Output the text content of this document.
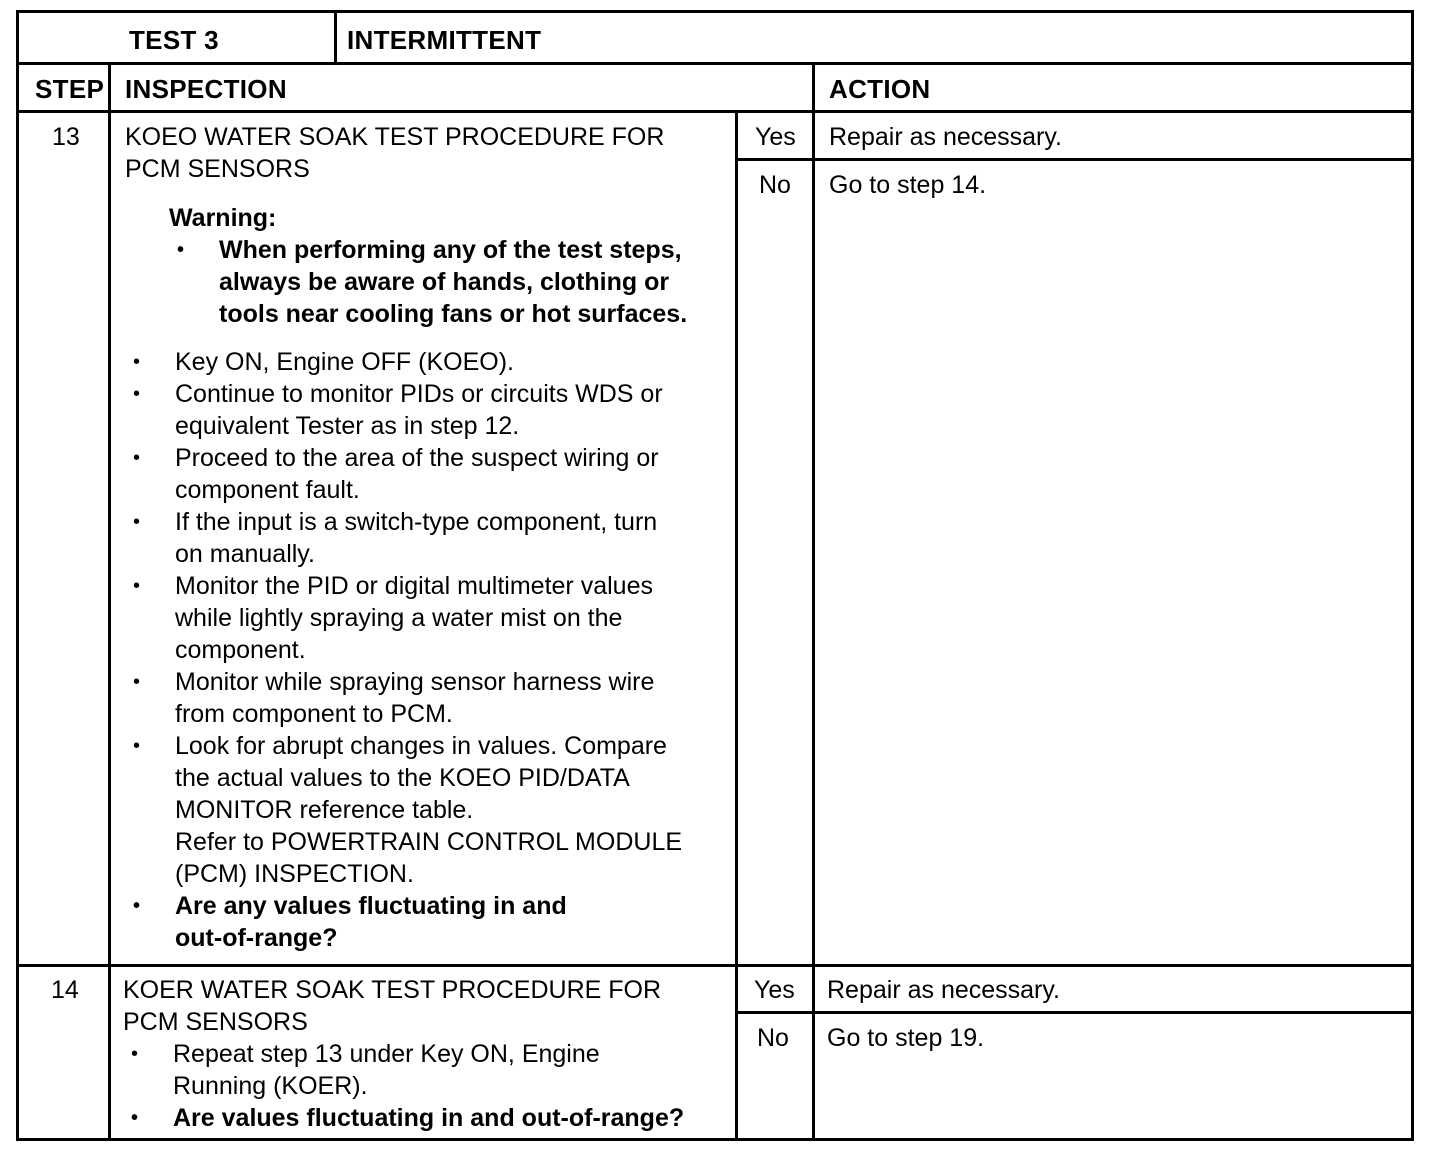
TEST 3	INTERMITTENT
STEP INSPECTION	ACTION
13 KOEO WATER SOAK TEST PROCEDURE FOR
PCM SENSORS
Warning:
• When performing any of the test steps,
always be aware of hands, clothing or
tools near cooling fans or hot surfaces.
• Key ON, Engine OFF (KOEO).
• Continue to monitor PIDs or circuits WDS or
equivalent Tester as in step 12.
• Proceed to the area of the suspect wiring or
component fault.
• If the input is a switch-type component, turn
on manually.
• Monitor the PID or digital multimeter values
while lightly spraying a water mist on the
component.
• Monitor while spraying sensor harness wire
from component to PCM.
• Look for abrupt changes in values. Compare
the actual values to the KOEO PID/DATA
MONITOR reference table.
Refer to POWERTRAIN CONTROL MODULE
(PCM) INSPECTION.
• Are any values fluctuating in and
out-of-range?
Yes Repair as necessary.
No Go to step 14.
14 KOER WATER SOAK TEST PROCEDURE FOR
PCM SENSORS
• Repeat step 13 under Key ON, Engine
Running (KOER).
• Are values fluctuating in and out-of-range?
Yes Repair as necessary.
No Go to step 19.
